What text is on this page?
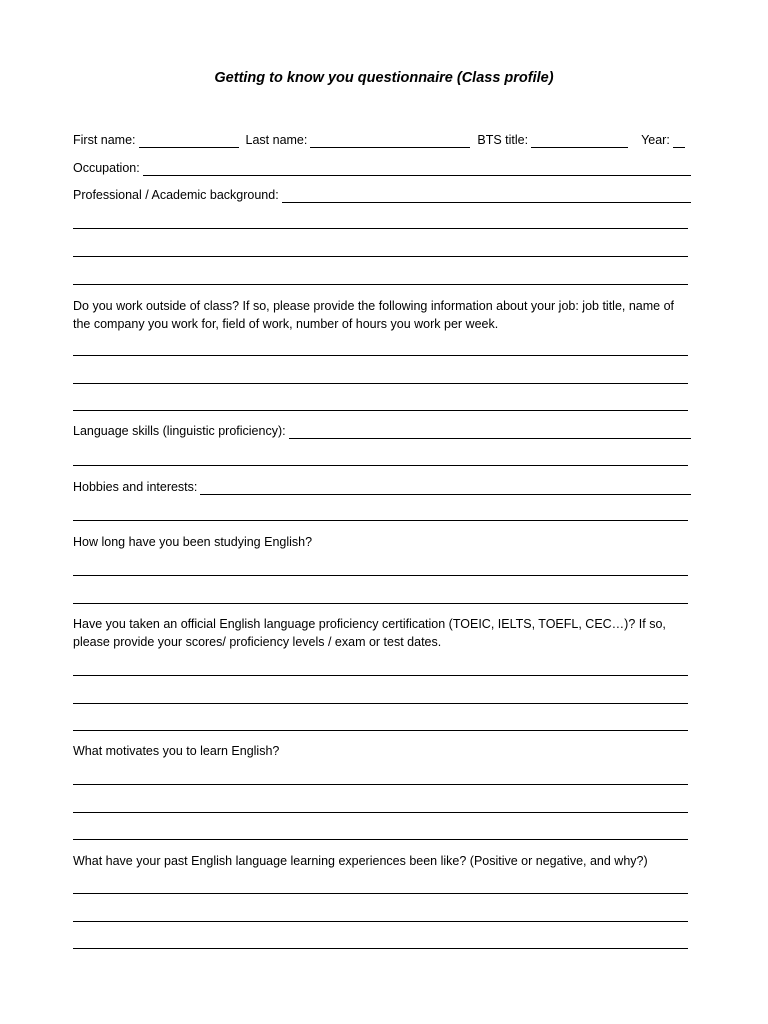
Getting to know you questionnaire (Class profile)
First name:	Last name:	BTS title:	Year:
Occupation:
Professional / Academic background:
Do you work outside of class? If so, please provide the following information about your job: job title, name of the company you work for, field of work, number of hours you work per week.
Language skills (linguistic proficiency):
Hobbies and interests:
How long have you been studying English?
Have you taken an official English language proficiency certification (TOEIC, IELTS, TOEFL, CEC…)? If so, please provide your scores/ proficiency levels / exam or test dates.
What motivates you to learn English?
What have your past English language learning experiences been like? (Positive or negative, and why?)
